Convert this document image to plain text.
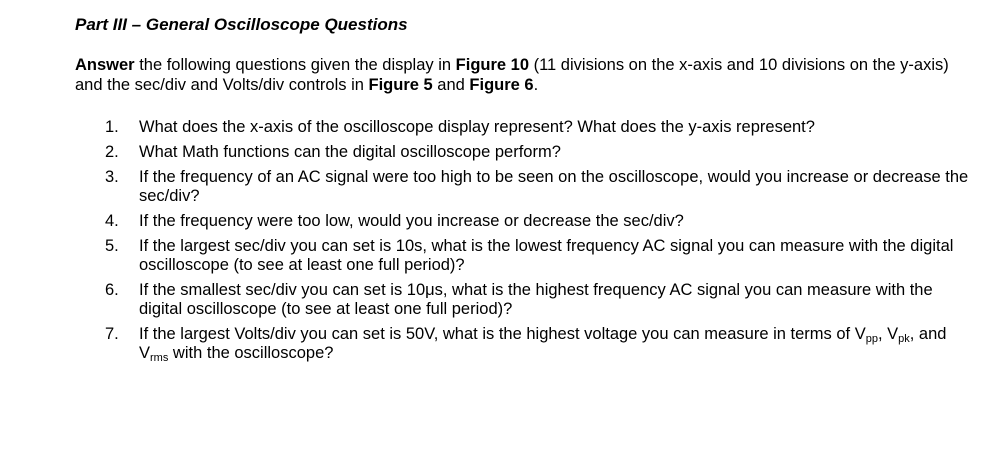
Part III – General Oscilloscope Questions
Answer the following questions given the display in Figure 10 (11 divisions on the x-axis and 10 divisions on the y-axis) and the sec/div and Volts/div controls in Figure 5 and Figure 6.
1. What does the x-axis of the oscilloscope display represent? What does the y-axis represent?
2. What Math functions can the digital oscilloscope perform?
3. If the frequency of an AC signal were too high to be seen on the oscilloscope, would you increase or decrease the sec/div?
4. If the frequency were too low, would you increase or decrease the sec/div?
5. If the largest sec/div you can set is 10s, what is the lowest frequency AC signal you can measure with the digital oscilloscope (to see at least one full period)?
6. If the smallest sec/div you can set is 10μs, what is the highest frequency AC signal you can measure with the digital oscilloscope (to see at least one full period)?
7. If the largest Volts/div you can set is 50V, what is the highest voltage you can measure in terms of $V_{pp}$, $V_{pk}$, and $V_{rms}$ with the oscilloscope?
